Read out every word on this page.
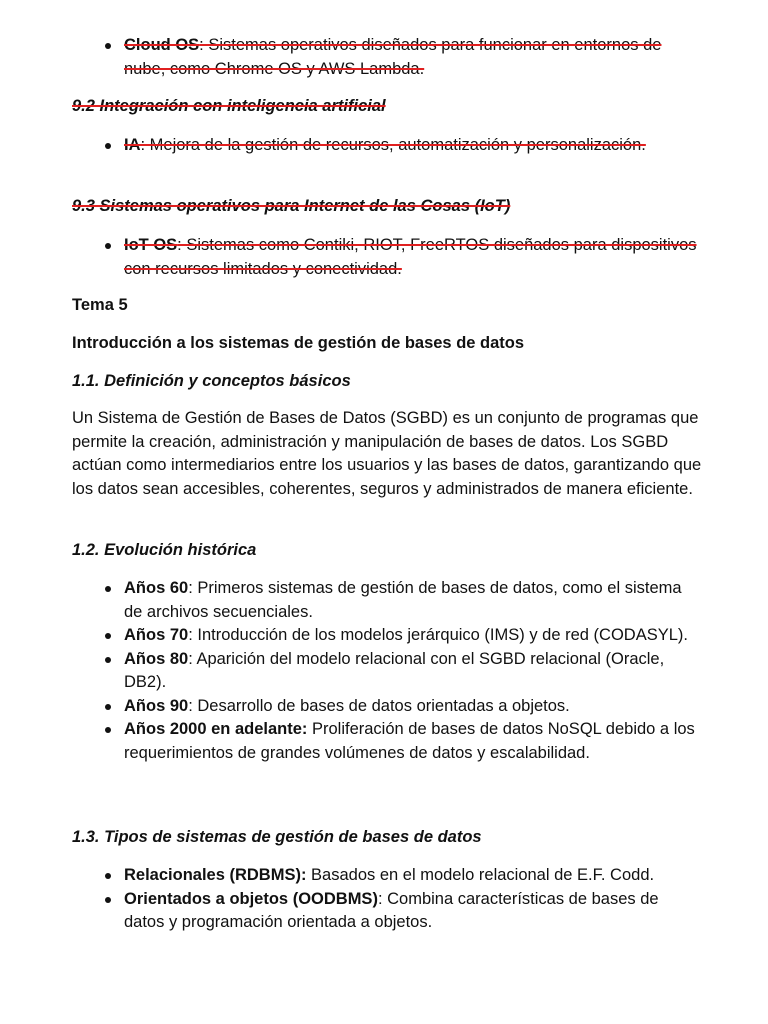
Cloud OS: Sistemas operativos diseñados para funcionar en entornos de nube, como Chrome OS y AWS Lambda.

9.2 Integración con inteligencia artificial

IA: Mejora de la gestión de recursos, automatización y personalización.

9.3 Sistemas operativos para Internet de las Cosas (IoT)

IoT OS: Sistemas como Contiki, RIOT, FreeRTOS diseñados para dispositivos con recursos limitados y conectividad.

Tema 5

Introducción a los sistemas de gestión de bases de datos

1.1. Definición y conceptos básicos

Un Sistema de Gestión de Bases de Datos (SGBD) es un conjunto de programas que permite la creación, administración y manipulación de bases de datos. Los SGBD actúan como intermediarios entre los usuarios y las bases de datos, garantizando que los datos sean accesibles, coherentes, seguros y administrados de manera eficiente.

1.2. Evolución histórica

Años 60: Primeros sistemas de gestión de bases de datos, como el sistema de archivos secuenciales.
Años 70: Introducción de los modelos jerárquico (IMS) y de red (CODASYL).
Años 80: Aparición del modelo relacional con el SGBD relacional (Oracle, DB2).
Años 90: Desarrollo de bases de datos orientadas a objetos.
Años 2000 en adelante: Proliferación de bases de datos NoSQL debido a los requerimientos de grandes volúmenes de datos y escalabilidad.

1.3. Tipos de sistemas de gestión de bases de datos

Relacionales (RDBMS): Basados en el modelo relacional de E.F. Codd.
Orientados a objetos (OODBMS): Combina características de bases de datos y programación orientada a objetos.
